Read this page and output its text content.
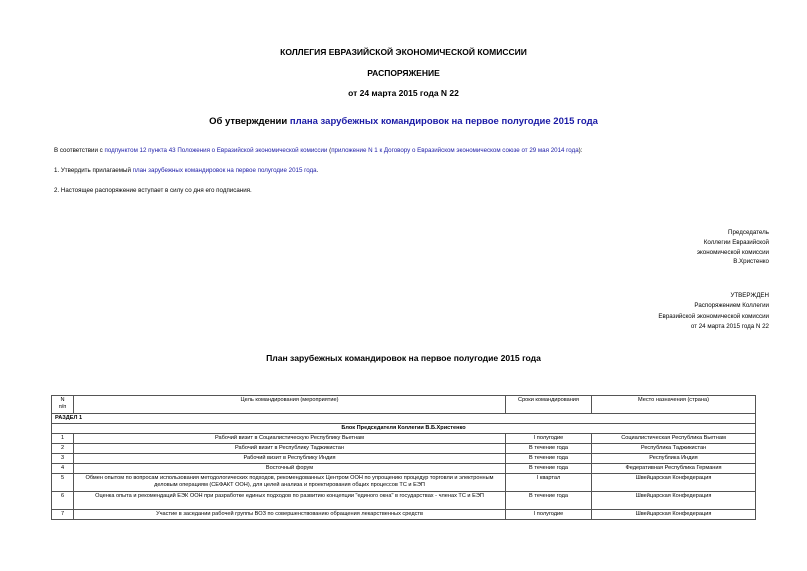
КОЛЛЕГИЯ ЕВРАЗИЙСКОЙ ЭКОНОМИЧЕСКОЙ КОМИССИИ
РАСПОРЯЖЕНИЕ
от 24 марта 2015 года N 22
Об утверждении плана зарубежных командировок на первое полугодие 2015 года
В соответствии с подпунктом 12 пункта 43 Положения о Евразийской экономической комиссии (приложение N 1 к Договору о Евразийском экономическом союзе от 29 мая 2014 года):
1. Утвердить прилагаемый план зарубежных командировок на первое полугодие 2015 года.
2. Настоящее распоряжение вступает в силу со дня его подписания.
Председатель
Коллегии Евразийской
экономической комиссии
В.Христенко
УТВЕРЖДЕН
Распоряжением Коллегии
Евразийской экономической комиссии
от 24 марта 2015 года N 22
План зарубежных командировок на первое полугодие 2015 года
N
п/п	Цель командирования (мероприятие)	Сроки командирования	Место назначения (страна)
РАЗДЕЛ 1			
Блок Председателя Коллегии В.Б.Христенко			
1	Рабочий визит в Социалистическую Республику Вьетнам	I полугодие	Социалистическая Республика Вьетнам
2	Рабочий визит в Республику Таджикистан	В течение года	Республика Таджикистан
3	Рабочий визит в Республику Индия	В течение года	Республика Индия
4	Восточный форум	В течение года	Федеративная Республика Германия
5	Обмен опытом по вопросам использования методологических подходов, рекомендованных Центром ООН по упрощению процедур торговли и электронным деловым операциям (СЕФАКТ ООН), для целей анализа и проектирования общих процессов ТС и ЕЭП	I квартал	Швейцарская Конфедерация
6	Оценка опыта и рекомендаций ЕЭК ООН при разработке единых подходов по развитию концепции "единого окна" в государствах - членах ТС и ЕЭП	В течение года	Швейцарская Конфедерация
7	Участие в заседании рабочей группы ВОЗ по совершенствованию обращения лекарственных средств	I полугодие	Швейцарская Конфедерация
